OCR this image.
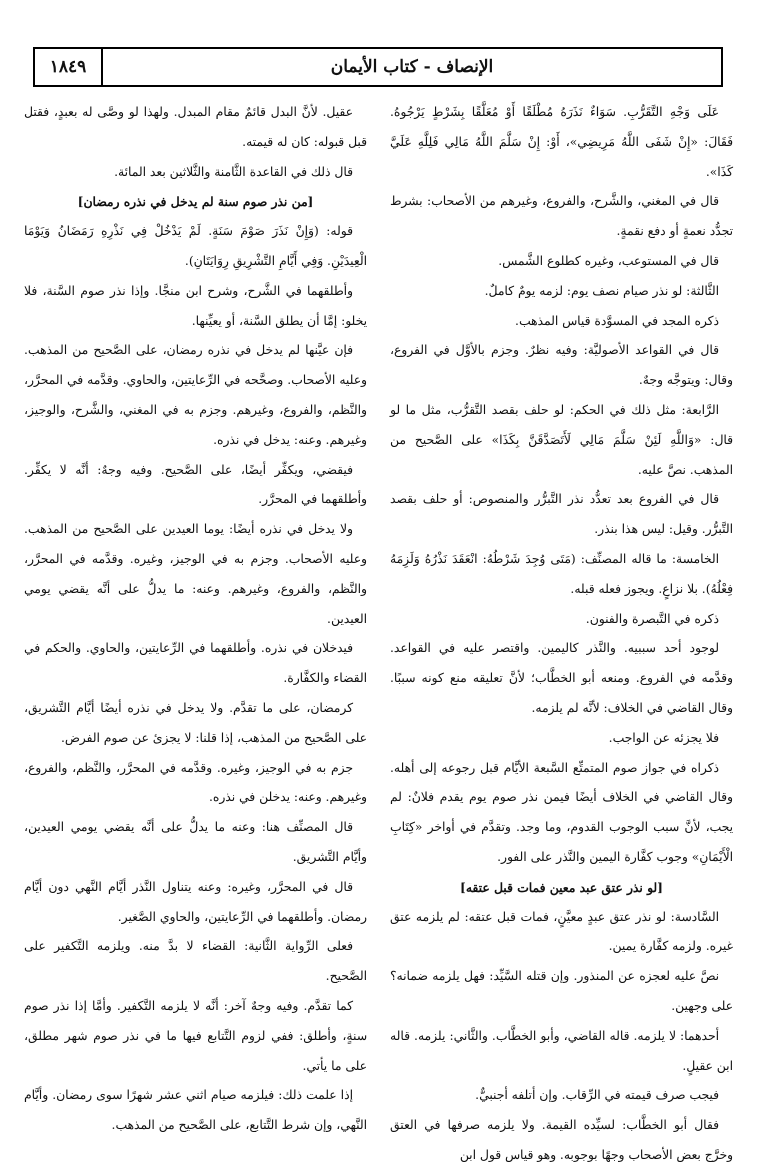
١٨٤٩	الإنصاف - كتاب الأيمان

عَلَى وَجْهِ التَّقَرُّبِ. سَوَاءٌ نَذَرَهُ مُطْلَقًا أَوْ مُعَلَّقًا بِشَرْطٍ يَرْجُوهُ. فَقَالَ: «إِنْ شَفَى اللَّهُ مَرِيضِي»، أَوْ: إِنْ سَلَّمَ اللَّهُ مَالِي فَلِلَّهِ عَلَيَّ كَذَا».

قال في المغني، والشَّرح، والفروع، وغيرهم من الأصحاب: بشرط تجدُّد نعمةٍ أو دفع نقمةٍ.

قال في المستوعب، وغيره كطلوع الشَّمس.

الثَّالثة: لو نذر صيام نصف يوم: لزمه يومٌ كاملٌ.

ذكره المجد في المسوَّدة قياس المذهب.

قال في القواعد الأصوليَّة: وفيه نظرٌ. وجزم بالأوَّل في الفروع، وقال: ويتوجَّه وجهٌ.

الرَّابعة: مثل ذلك في الحكم: لو حلف بقصد التَّقرُّب، مثل ما لو قال: «وَاللَّهِ لَئِنْ سَلَّمَ مَالِي لَأَتَصَدَّقَنَّ بِكَذَا» على الصَّحيح من المذهب. نصَّ عليه.

قال في الفروع بعد تعدُّد نذر التَّبرُّر والمنصوص: أو حلف بقصد التَّبرُّر. وقيل: ليس هذا بنذر.

الخامسة: ما قاله المصنِّف: (مَتَى وُجِدَ شَرْطُهُ: انْعَقَدَ نَذْرُهُ وَلَزِمَهُ فِعْلُهُ). بلا نزاعٍ. ويجوز فعله قبله.

ذكره في التَّبصرة والفنون.

لوجود أحد سببيه. والنَّذر كاليمين. واقتصر عليه في القواعد. وقدَّمه في الفروع. ومنعه أبو الخطَّاب؛ لأنَّ تعليقه منع كونه سببًا. وقال القاضي في الخلاف: لأنَّه لم يلزمه.

فلا يجزئه عن الواجب.

ذكراه في جواز صوم المتمتِّع السَّبعة الأيَّام قبل رجوعه إلى أهله. وقال القاضي في الخلاف أيضًا فيمن نذر صوم يوم يقدم فلانٌ: لم يجب، لأنَّ سبب الوجوب القدوم، وما وجد. وتقدَّم في أواخر «كِتَابِ الْأَيْمَانِ» وجوب كفَّارة اليمين والنَّذر على الفور.

[لو نذر عتق عبد معين فمات قبل عتقه]

السَّادسة: لو نذر عتق عبدٍ معيَّنٍ، فمات قبل عتقه: لم يلزمه عتق غيره. ولزمه كفَّارة يمين.

نصَّ عليه لعجزه عن المنذور. وإن قتله السَّيِّد: فهل يلزمه ضمانه؟ على وجهين.

أحدهما: لا يلزمه. قاله القاضي، وأبو الخطَّاب. والثَّاني: يلزمه. قاله ابن عقيلٍ.

فيجب صرف قيمته في الرِّقاب. وإن أتلفه أجنبيٌّ.

فقال أبو الخطَّاب: لسيِّده القيمة. ولا يلزمه صرفها في العتق وخرَّج بعض الأصحاب وجهًا بوجوبه. وهو قياس قول ابن

عقيل. لأنَّ البدل قائمٌ مقام المبدل. ولهذا لو وصَّى له بعبدٍ، فقتل قبل قبوله: كان له قيمته.

قال ذلك في القاعدة الثَّامنة والثَّلاثين بعد المائة.

[من نذر صوم سنة لم يدخل في نذره رمضان]

قوله: (وَإِنْ نَذَرَ صَوْمَ سَنَةٍ. لَمْ يَدْخُلْ فِي نَذْرِهِ رَمَضَانُ وَيَوْمَا الْعِيدَيْنِ. وَفِي أَيَّامِ التَّشْرِيقِ رِوَايَتَانِ).

وأطلقهما في الشَّرح، وشرح ابن منجَّا. وإذا نذر صوم السَّنة، فلا يخلو: إمَّا أن يطلق السَّنة، أو يعيِّنها.

فإن عيَّنها لم يدخل في نذره رمضان، على الصَّحيح من المذهب. وعليه الأصحاب. وصحَّحه في الرِّعايتين، والحاوي. وقدَّمه في المحرَّر، والنَّظم، والفروع، وغيرهم. وجزم به في المغني، والشَّرح، والوجيز، وغيرهم. وعنه: يدخل في نذره.

فيقضي، ويكفِّر أيضًا، على الصَّحيح. وفيه وجهٌ: أنَّه لا يكفِّر. وأطلقهما في المحرَّر.

ولا يدخل في نذره أيضًا: يوما العيدين على الصَّحيح من المذهب. وعليه الأصحاب. وجزم به في الوجيز، وغيره. وقدَّمه في المحرَّر، والنَّظم، والفروع، وغيرهم. وعنه: ما يدلُّ على أنَّه يقضي يومي العيدين.

فيدخلان في نذره. وأطلقهما في الرِّعايتين، والحاوي. والحكم في القضاء والكفَّارة.

كرمضان، على ما تقدَّم. ولا يدخل في نذره أيضًا أيَّام التَّشريق، على الصَّحيح من المذهب، إذا قلنا: لا يجزئ عن صوم الفرض.

جزم به في الوجيز، وغيره. وقدَّمه في المحرَّر، والنَّظم، والفروع، وغيرهم. وعنه: يدخلن في نذره.

قال المصنِّف هنا: وعنه ما يدلُّ على أنَّه يقضي يومي العيدين، وأيَّام التَّشريق.

قال في المحرَّر، وغيره: وعنه يتناول النَّذر أيَّام النَّهي دون أيَّام رمضان. وأطلقهما في الرِّعايتين، والحاوي الصَّغير.

فعلى الرِّواية الثَّانية: القضاء لا بدَّ منه. ويلزمه التَّكفير على الصَّحيح.

كما تقدَّم. وفيه وجهٌ آخر: أنَّه لا يلزمه التَّكفير. وأمَّا إذا نذر صوم سنةٍ، وأطلق: ففي لزوم التَّتابع فيها ما في نذر صوم شهر مطلق، على ما يأتي.

إذا علمت ذلك: فيلزمه صيام اثني عشر شهرًا سوى رمضان. وأيَّام النَّهي، وإن شرط التَّتابع، على الصَّحيح من المذهب.
